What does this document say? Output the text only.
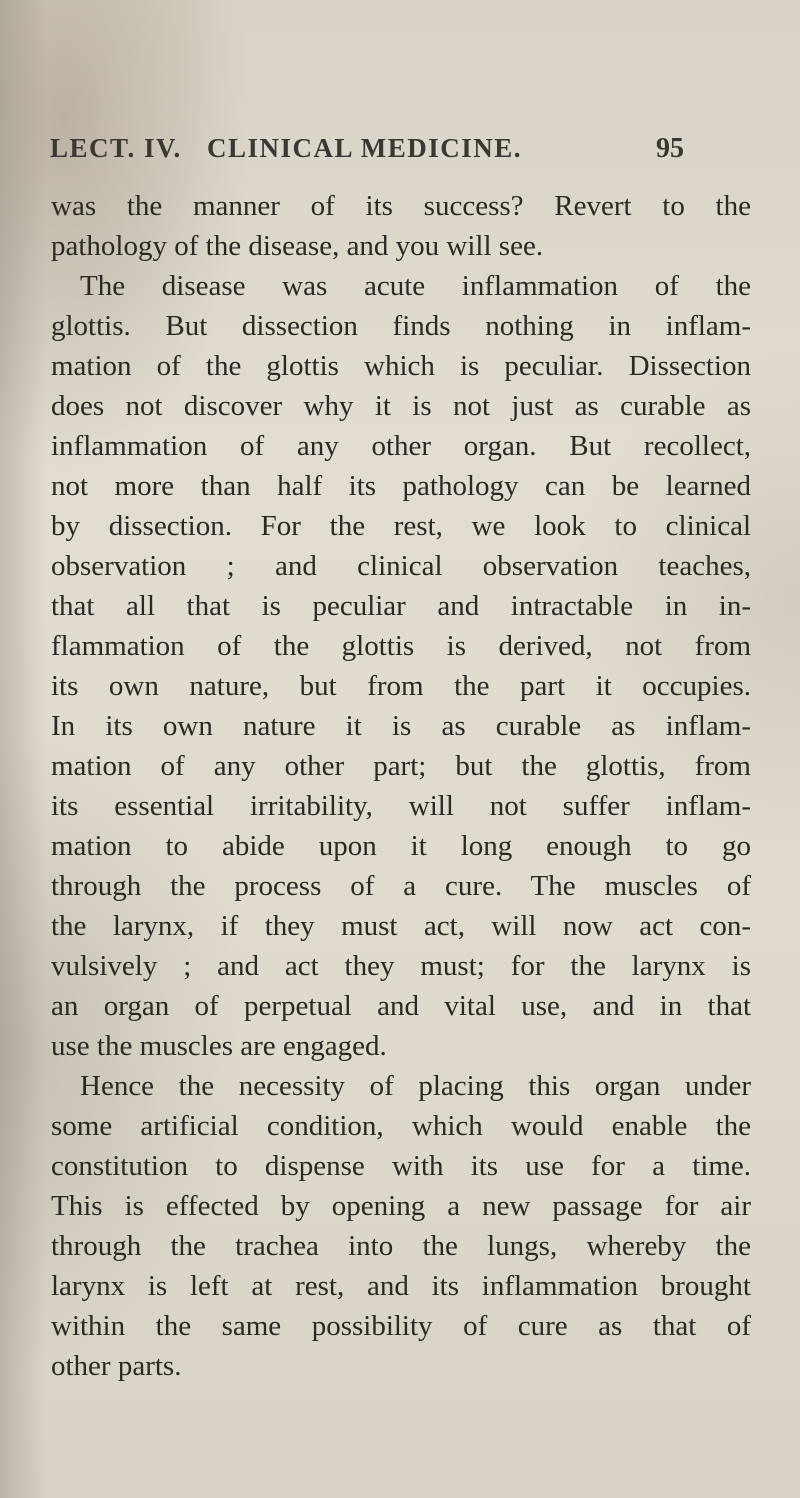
LECT. IV. CLINICAL MEDICINE.	95
was the manner of its success? Revert to the
pathology of the disease, and you will see.
The disease was acute inflammation of the
glottis. But dissection finds nothing in inflam-
mation of the glottis which is peculiar. Dissection
does not discover why it is not just as curable as
inflammation of any other organ. But recollect,
not more than half its pathology can be learned
by dissection. For the rest, we look to clinical
observation ; and clinical observation teaches,
that all that is peculiar and intractable in in-
flammation of the glottis is derived, not from
its own nature, but from the part it occupies.
In its own nature it is as curable as inflam-
mation of any other part; but the glottis, from
its essential irritability, will not suffer inflam-
mation to abide upon it long enough to go
through the process of a cure. The muscles of
the larynx, if they must act, will now act con-
vulsively ; and act they must; for the larynx is
an organ of perpetual and vital use, and in that
use the muscles are engaged.
Hence the necessity of placing this organ under
some artificial condition, which would enable the
constitution to dispense with its use for a time.
This is effected by opening a new passage for air
through the trachea into the lungs, whereby the
larynx is left at rest, and its inflammation brought
within the same possibility of cure as that of
other parts.
